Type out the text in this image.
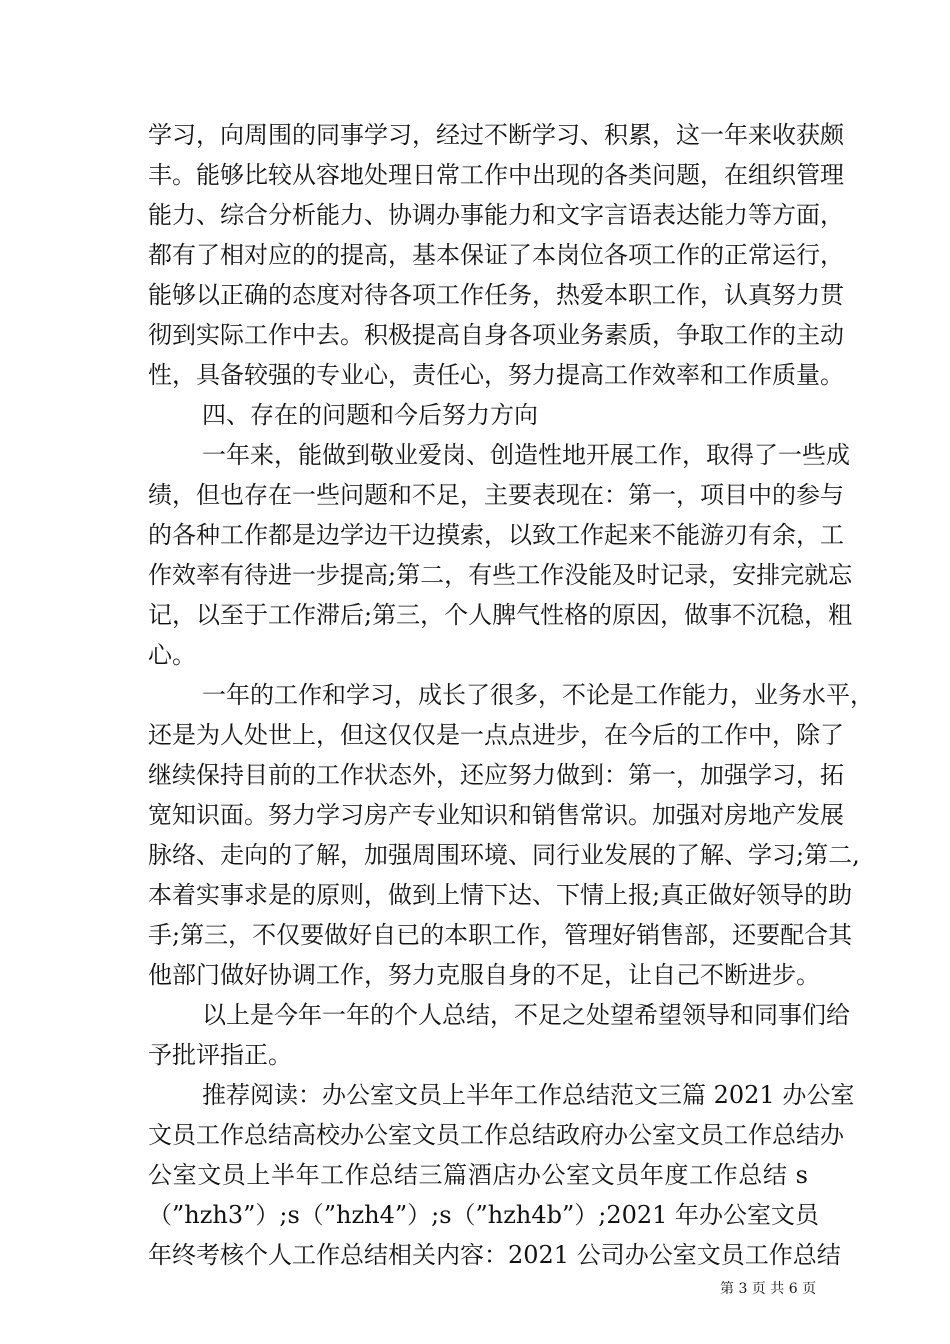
学习，向周围的同事学习，经过不断学习、积累，这一年来收获颇
丰。能够比较从容地处理日常工作中出现的各类问题，在组织管理
能力、综合分析能力、协调办事能力和文字言语表达能力等方面，
都有了相对应的的提高，基本保证了本岗位各项工作的正常运行，
能够以正确的态度对待各项工作任务，热爱本职工作，认真努力贯
彻到实际工作中去。积极提高自身各项业务素质，争取工作的主动
性，具备较强的专业心，责任心，努力提高工作效率和工作质量。
四、存在的问题和今后努力方向
一年来，能做到敬业爱岗、创造性地开展工作，取得了一些成
绩，但也存在一些问题和不足，主要表现在：第一，项目中的参与
的各种工作都是边学边干边摸索，以致工作起来不能游刃有余，工
作效率有待进一步提高;第二，有些工作没能及时记录，安排完就忘
记，以至于工作滞后;第三，个人脾气性格的原因，做事不沉稳，粗
心。
一年的工作和学习，成长了很多，不论是工作能力，业务水平，
还是为人处世上，但这仅仅是一点点进步，在今后的工作中，除了
继续保持目前的工作状态外，还应努力做到：第一，加强学习，拓
宽知识面。努力学习房产专业知识和销售常识。加强对房地产发展
脉络、走向的了解，加强周围环境、同行业发展的了解、学习;第二,
本着实事求是的原则，做到上情下达、下情上报;真正做好领导的助
手;第三，不仅要做好自已的本职工作，管理好销售部，还要配合其
他部门做好协调工作，努力克服自身的不足，让自己不断进步。
以上是今年一年的个人总结，不足之处望希望领导和同事们给
予批评指正。
推荐阅读：办公室文员上半年工作总结范文三篇 2021 办公室
文员工作总结高校办公室文员工作总结政府办公室文员工作总结办
公室文员上半年工作总结三篇酒店办公室文员年度工作总结 s
（”hzh3”）;s（”hzh4”）;s（”hzh4b”）;2021 年办公室文员
年终考核个人工作总结相关内容：2021 公司办公室文员工作总结
第 3 页 共 6 页
